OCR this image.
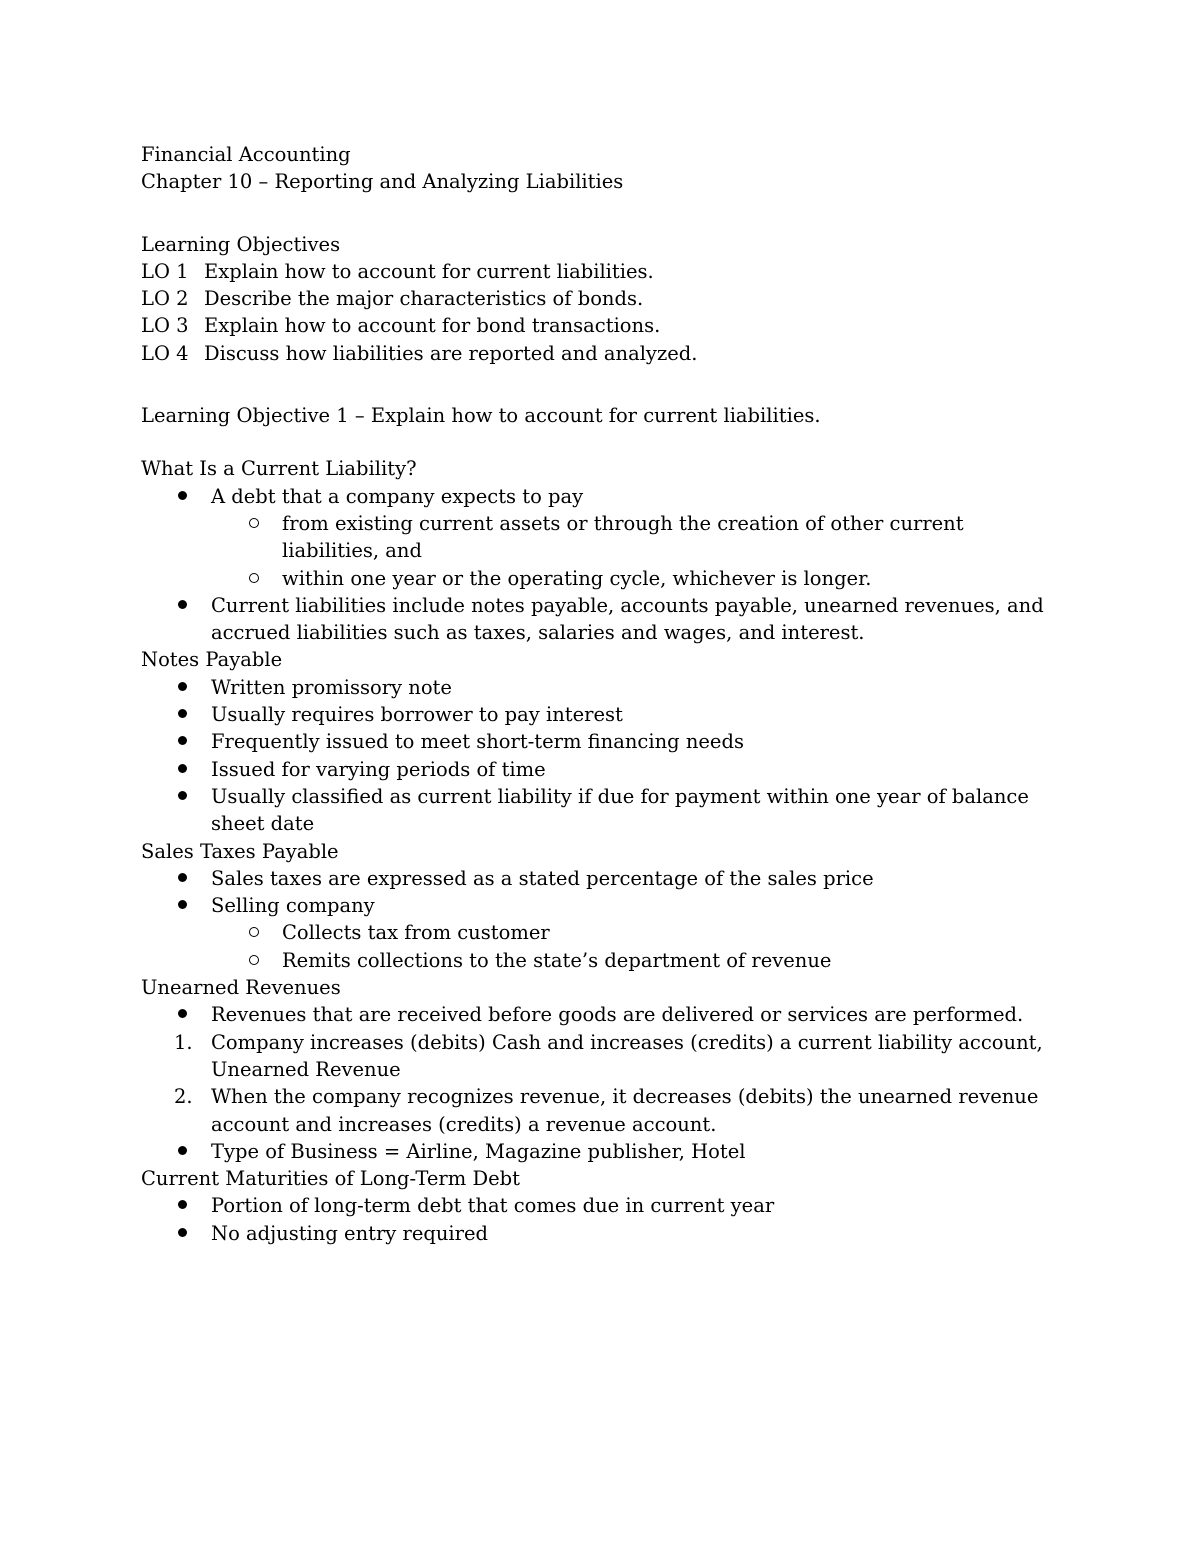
Financial Accounting
Chapter 10 – Reporting and Analyzing Liabilities
Learning Objectives
LO 1 Explain how to account for current liabilities.
LO 2 Describe the major characteristics of bonds.
LO 3 Explain how to account for bond transactions.
LO 4 Discuss how liabilities are reported and analyzed.
Learning Objective 1 – Explain how to account for current liabilities.
What Is a Current Liability?
A debt that a company expects to pay
from existing current assets or through the creation of other current liabilities, and
within one year or the operating cycle, whichever is longer.
Current liabilities include notes payable, accounts payable, unearned revenues, and accrued liabilities such as taxes, salaries and wages, and interest.
Notes Payable
Written promissory note
Usually requires borrower to pay interest
Frequently issued to meet short-term financing needs
Issued for varying periods of time
Usually classified as current liability if due for payment within one year of balance sheet date
Sales Taxes Payable
Sales taxes are expressed as a stated percentage of the sales price
Selling company
Collects tax from customer
Remits collections to the state’s department of revenue
Unearned Revenues
Revenues that are received before goods are delivered or services are performed.
1. Company increases (debits) Cash and increases (credits) a current liability account, Unearned Revenue
2. When the company recognizes revenue, it decreases (debits) the unearned revenue account and increases (credits) a revenue account.
Type of Business = Airline, Magazine publisher, Hotel
Current Maturities of Long-Term Debt
Portion of long-term debt that comes due in current year
No adjusting entry required
